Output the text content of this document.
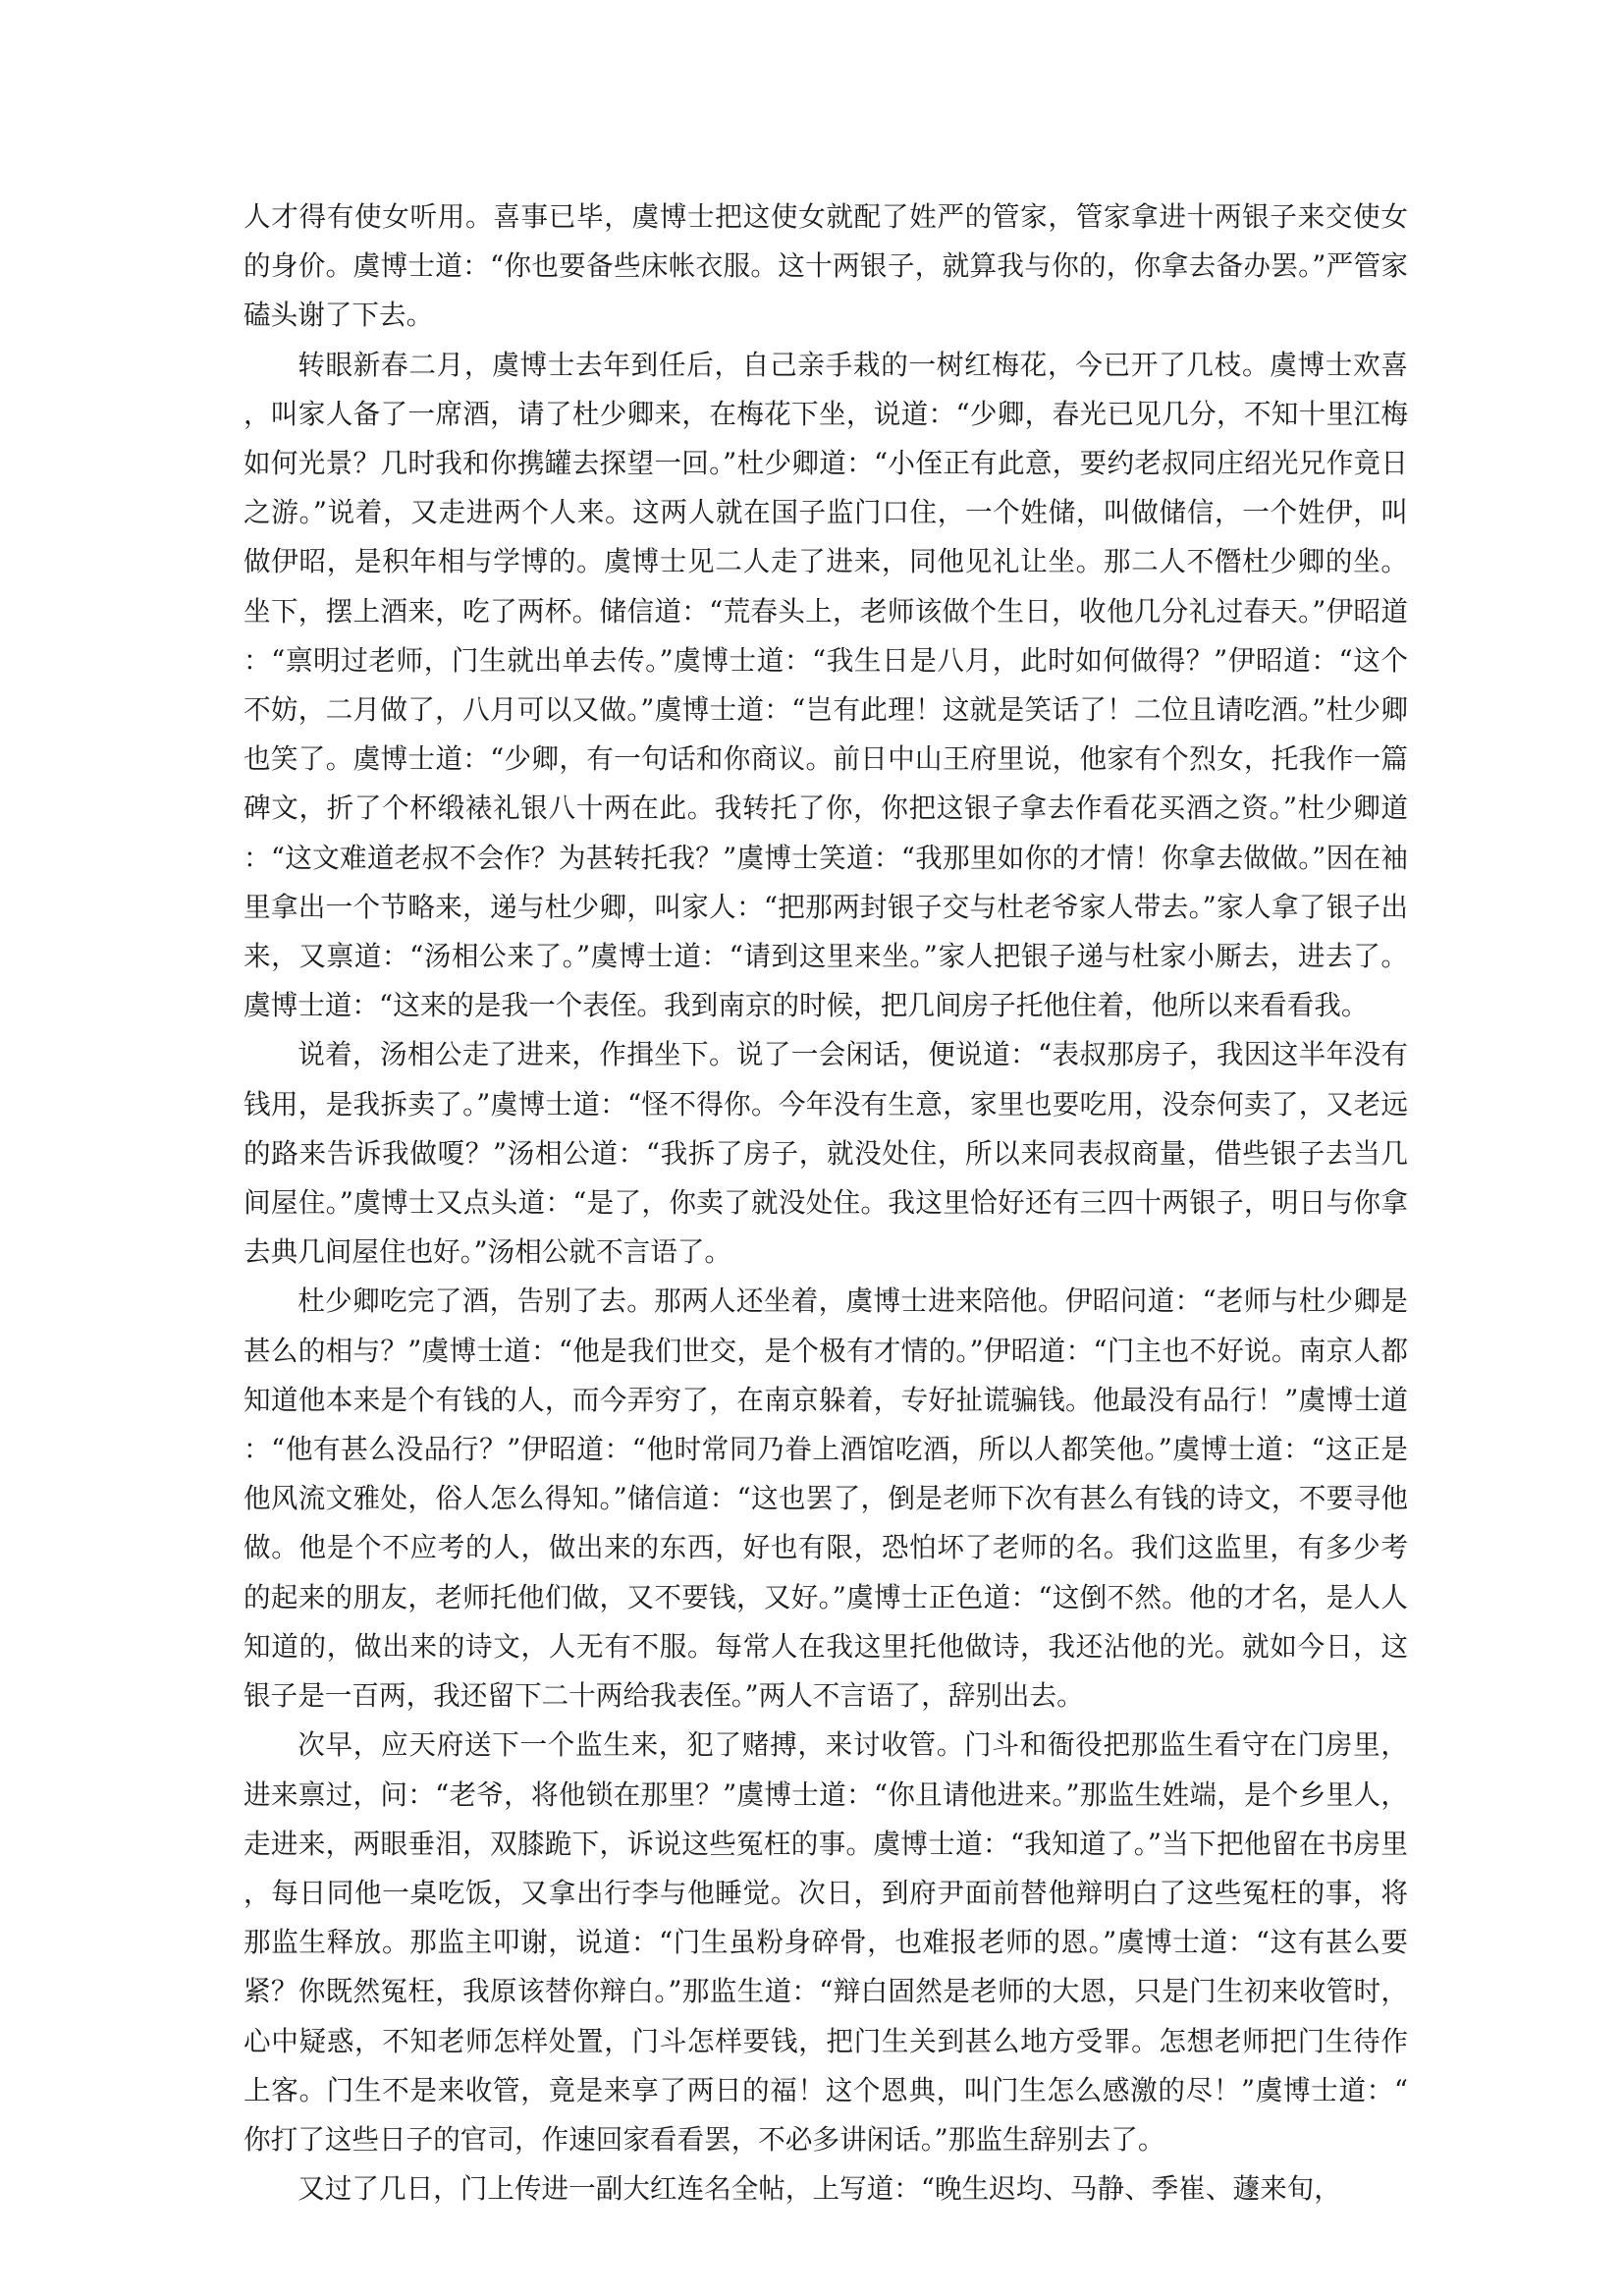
人才得有使女听用。喜事已毕，虞博士把这使女就配了姓严的管家，管家拿进十两银子来交使女的身价。虞博士道：“你也要备些床帐衣服。这十两银子，就算我与你的，你拿去备办罢。”严管家磕头谢了下去。

转眼新春二月，虞博士去年到任后，自己亲手栽的一树红梅花，今已开了几枝。虞博士欢喜，叫家人备了一席酒，请了杜少卿来，在梅花下坐，说道：“少卿，春光已见几分，不知十里江梅如何光景？几时我和你携罐去探望一回。”杜少卿道：“小侄正有此意，要约老叔同庄绍光兄作竟日之游。”说着，又走进两个人来。这两人就在国子监门口住，一个姓储，叫做储信，一个姓伊，叫做伊昭，是积年相与学博的。虞博士见二人走了进来，同他见礼让坐。那二人不僭杜少卿的坐。坐下，摆上酒来，吃了两杯。储信道：“荒春头上，老师该做个生日，收他几分礼过春天。”伊昭道：“禀明过老师，门生就出单去传。”虞博士道：“我生日是八月，此时如何做得？”伊昭道：“这个不妨，二月做了，八月可以又做。”虞博士道：“岂有此理！这就是笑话了！二位且请吃酒。”杜少卿也笑了。虞博士道：“少卿，有一句话和你商议。前日中山王府里说，他家有个烈女，托我作一篇碑文，折了个杯缎裱礼银八十两在此。我转托了你，你把这银子拿去作看花买酒之资。”杜少卿道：“这文难道老叔不会作？为甚转托我？”虞博士笑道：“我那里如你的才情！你拿去做做。”因在袖里拿出一个节略来，递与杜少卿，叫家人：“把那两封银子交与杜老爷家人带去。”家人拿了银子出来，又禀道：“汤相公来了。”虞博士道：“请到这里来坐。”家人把银子递与杜家小厮去，进去了。虞博士道：“这来的是我一个表侄。我到南京的时候，把几间房子托他住着，他所以来看看我。

说着，汤相公走了进来，作揖坐下。说了一会闲话，便说道：“表叔那房子，我因这半年没有钱用，是我拆卖了。”虞博士道：“怪不得你。今年没有生意，家里也要吃用，没奈何卖了，又老远的路来告诉我做嗄？”汤相公道：“我拆了房子，就没处住，所以来同表叔商量，借些银子去当几间屋住。”虞博士又点头道：“是了，你卖了就没处住。我这里恰好还有三四十两银子，明日与你拿去典几间屋住也好。”汤相公就不言语了。

杜少卿吃完了酒，告别了去。那两人还坐着，虞博士进来陪他。伊昭问道：“老师与杜少卿是甚么的相与？”虞博士道：“他是我们世交，是个极有才情的。”伊昭道：“门主也不好说。南京人都知道他本来是个有钱的人，而今弄穷了，在南京躲着，专好扯谎骗钱。他最没有品行！”虞博士道：“他有甚么没品行？”伊昭道：“他时常同乃眷上酒馆吃酒，所以人都笑他。”虞博士道：“这正是他风流文雅处，俗人怎么得知。”储信道：“这也罢了，倒是老师下次有甚么有钱的诗文，不要寻他做。他是个不应考的人，做出来的东西，好也有限，恐怕坏了老师的名。我们这监里，有多少考的起来的朋友，老师托他们做，又不要钱，又好。”虞博士正色道：“这倒不然。他的才名，是人人知道的，做出来的诗文，人无有不服。每常人在我这里托他做诗，我还沾他的光。就如今日，这银子是一百两，我还留下二十两给我表侄。”两人不言语了，辞别出去。

次早，应天府送下一个监生来，犯了赌搏，来讨收管。门斗和衙役把那监生看守在门房里，进来禀过，问：“老爷，将他锁在那里？”虞博士道：“你且请他进来。”那监生姓端，是个乡里人，走进来，两眼垂泪，双膝跪下，诉说这些冤枉的事。虞博士道：“我知道了。”当下把他留在书房里，每日同他一桌吃饭，又拿出行李与他睡觉。次日，到府尹面前替他辩明白了这些冤枉的事，将那监生释放。那监主叩谢，说道：“门生虽粉身碎骨，也难报老师的恩。”虞博士道：“这有甚么要紧？你既然冤枉，我原该替你辩白。”那监生道：“辩白固然是老师的大恩，只是门生初来收管时，心中疑惑，不知老师怎样处置，门斗怎样要钱，把门生关到甚么地方受罪。怎想老师把门生待作上客。门生不是来收管，竟是来享了两日的福！这个恩典，叫门生怎么感激的尽！”虞博士道：“你打了这些日子的官司，作速回家看看罢，不必多讲闲话。”那监生辞别去了。

又过了几日，门上传进一副大红连名全帖，上写道：“晚生迟均、马静、季崔、蘧来旬，
